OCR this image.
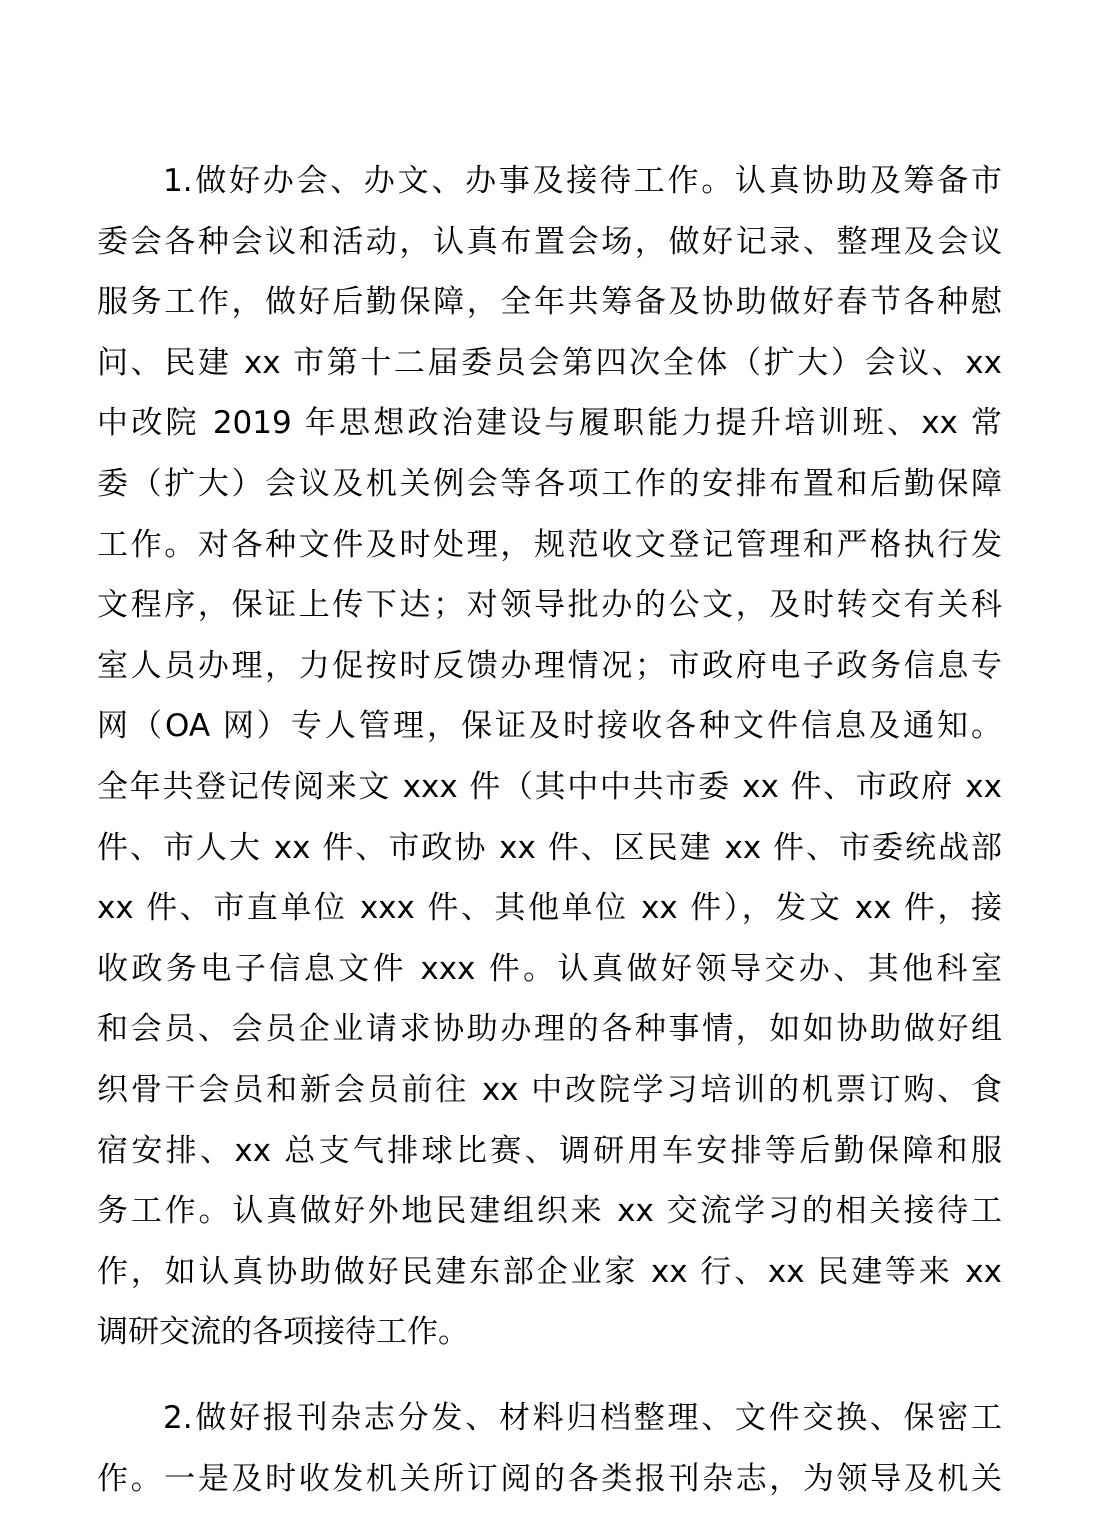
1.做好办会、办文、办事及接待工作。认真协助及筹备市
委会各种会议和活动，认真布置会场，做好记录、整理及会议
服务工作，做好后勤保障，全年共筹备及协助做好春节各种慰
问、民建 xx 市第十二届委员会第四次全体（扩大）会议、xx
中改院 2019 年思想政治建设与履职能力提升培训班、xx 常
委（扩大）会议及机关例会等各项工作的安排布置和后勤保障
工作。对各种文件及时处理，规范收文登记管理和严格执行发
文程序，保证上传下达；对领导批办的公文，及时转交有关科
室人员办理，力促按时反馈办理情况；市政府电子政务信息专
网（OA 网）专人管理，保证及时接收各种文件信息及通知。
全年共登记传阅来文 xxx 件（其中中共市委 xx 件、市政府 xx
件、市人大 xx 件、市政协 xx 件、区民建 xx 件、市委统战部
xx 件、市直单位 xxx 件、其他单位 xx 件），发文 xx 件，接
收政务电子信息文件 xxx 件。认真做好领导交办、其他科室
和会员、会员企业请求协助办理的各种事情，如如协助做好组
织骨干会员和新会员前往 xx 中改院学习培训的机票订购、食
宿安排、xx 总支气排球比赛、调研用车安排等后勤保障和服
务工作。认真做好外地民建组织来 xx 交流学习的相关接待工
作，如认真协助做好民建东部企业家 xx 行、xx 民建等来 xx
调研交流的各项接待工作。
2.做好报刊杂志分发、材料归档整理、文件交换、保密工
作。一是及时收发机关所订阅的各类报刊杂志，为领导及机关
